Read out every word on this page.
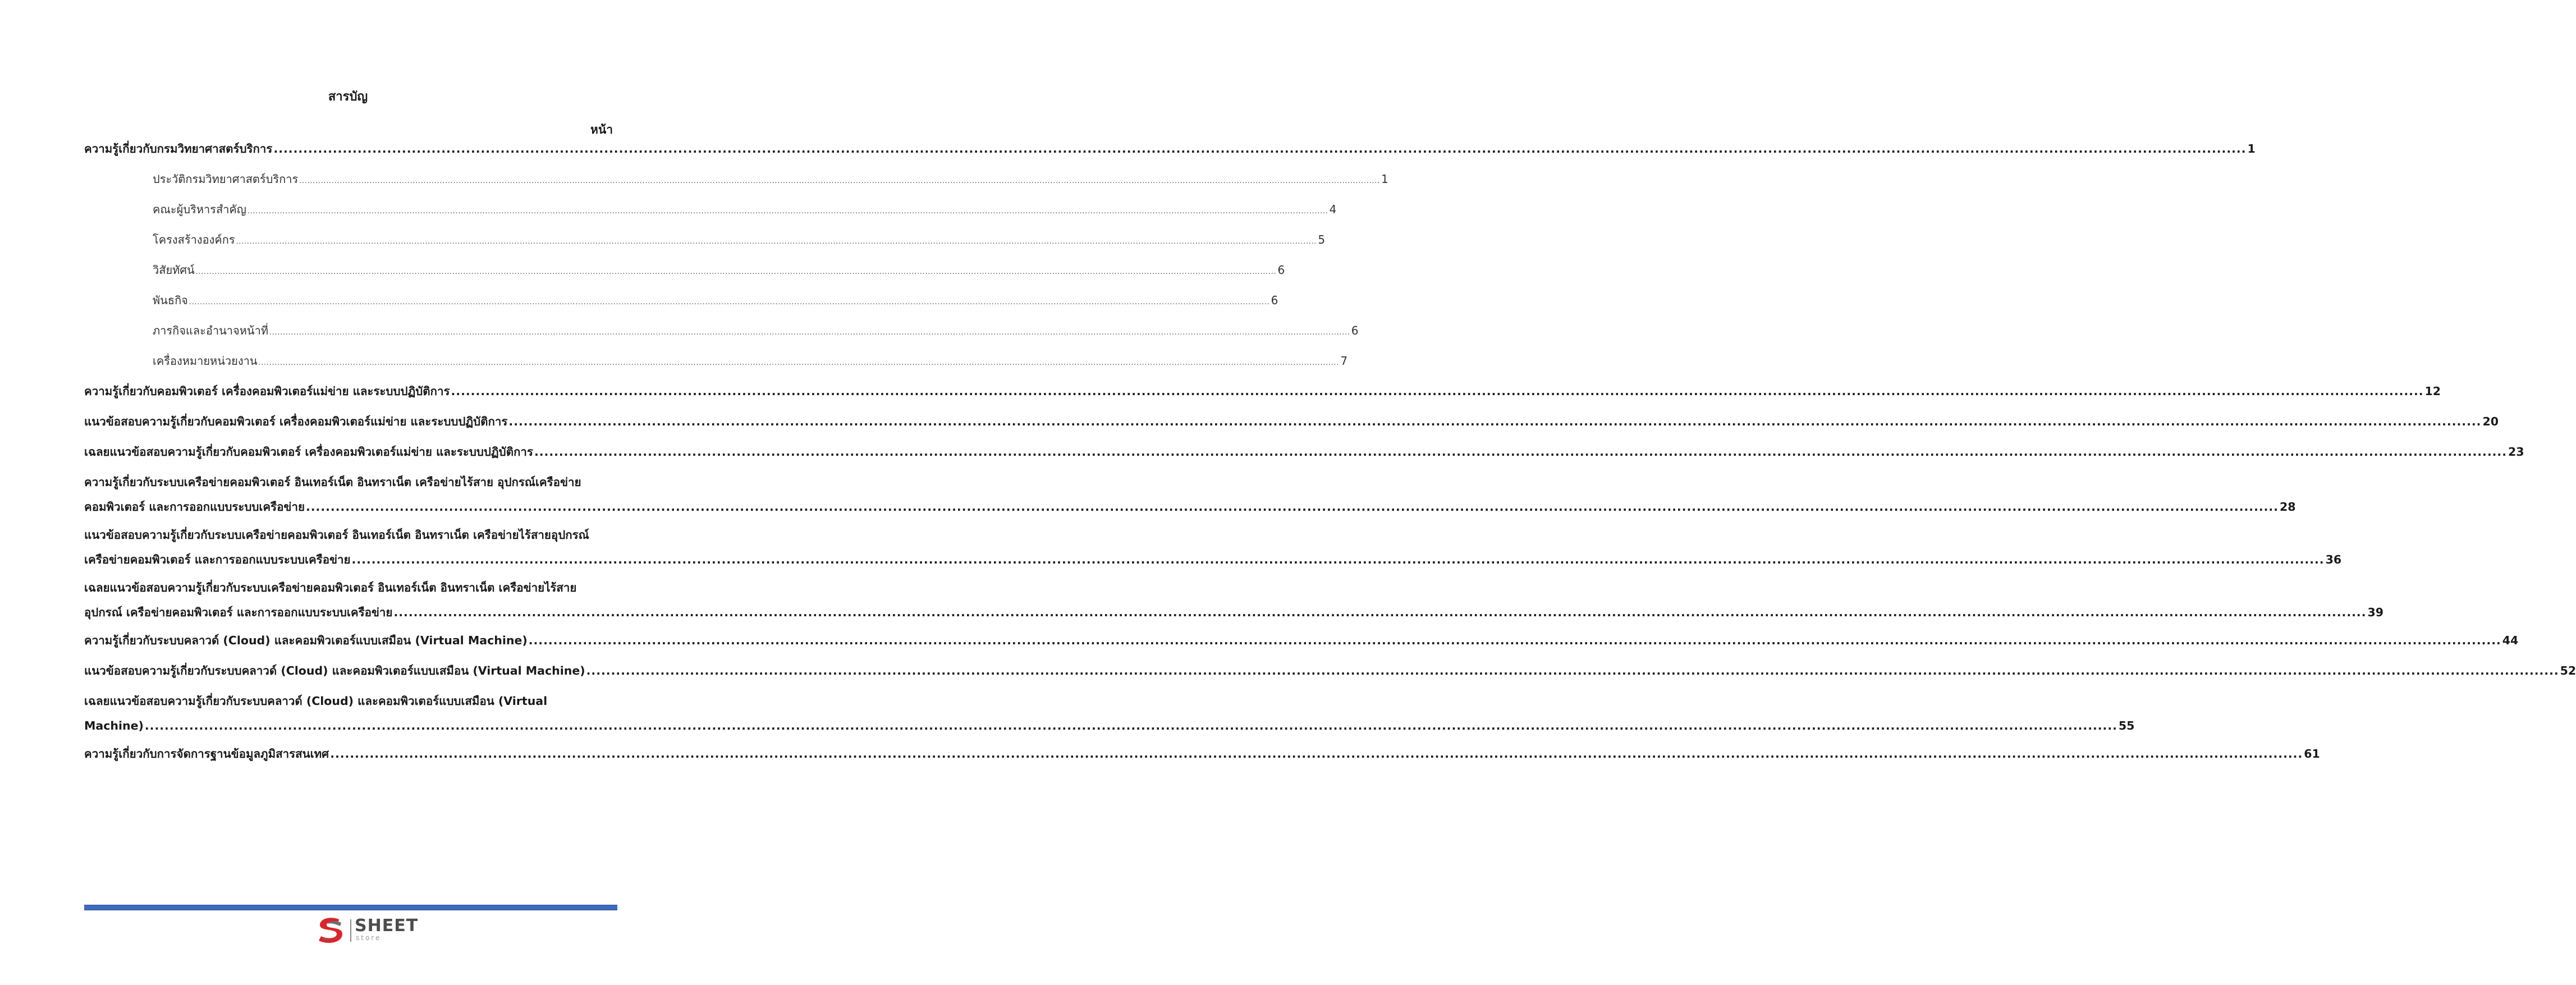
สารบัญ
หน้า
ความรู้เกี่ยวกับกรมวิทยาศาสตร์บริการ ................................................................................................................................................................................................................................................................................................................................................................................................................ 1
ประวัติกรมวิทยาศาสตร์บริการ ................................................................................................................................................................................................................................................................................................................................................................................................................ 1
คณะผู้บริหารสำคัญ ................................................................................................................................................................................................................................................................................................................................................................................................................ 4
โครงสร้างองค์กร ................................................................................................................................................................................................................................................................................................................................................................................................................ 5
วิสัยทัศน์ ................................................................................................................................................................................................................................................................................................................................................................................................................ 6
พันธกิจ ................................................................................................................................................................................................................................................................................................................................................................................................................ 6
ภารกิจและอำนาจหน้าที่ ................................................................................................................................................................................................................................................................................................................................................................................................................ 6
เครื่องหมายหน่วยงาน ................................................................................................................................................................................................................................................................................................................................................................................................................ 7
ความรู้เกี่ยวกับคอมพิวเตอร์ เครื่องคอมพิวเตอร์แม่ข่าย และระบบปฏิบัติการ ................................................................................................................................................................................................................................................................................................................................................................................................................ 12
แนวข้อสอบความรู้เกี่ยวกับคอมพิวเตอร์ เครื่องคอมพิวเตอร์แม่ข่าย และระบบปฏิบัติการ ................................................................................................................................................................................................................................................................................................................................................................................................................ 20
เฉลยแนวข้อสอบความรู้เกี่ยวกับคอมพิวเตอร์ เครื่องคอมพิวเตอร์แม่ข่าย และระบบปฏิบัติการ ................................................................................................................................................................................................................................................................................................................................................................................................................ 23
ความรู้เกี่ยวกับระบบเครือข่ายคอมพิวเตอร์ อินเทอร์เน็ต อินทราเน็ต เครือข่ายไร้สาย อุปกรณ์เครือข่าย
คอมพิวเตอร์ และการออกแบบระบบเครือข่าย ................................................................................................................................................................................................................................................................................................................................................................................................................ 28
แนวข้อสอบความรู้เกี่ยวกับระบบเครือข่ายคอมพิวเตอร์ อินเทอร์เน็ต อินทราเน็ต เครือข่ายไร้สายอุปกรณ์
เครือข่ายคอมพิวเตอร์ และการออกแบบระบบเครือข่าย ................................................................................................................................................................................................................................................................................................................................................................................................................ 36
เฉลยแนวข้อสอบความรู้เกี่ยวกับระบบเครือข่ายคอมพิวเตอร์ อินเทอร์เน็ต อินทราเน็ต เครือข่ายไร้สาย
อุปกรณ์ เครือข่ายคอมพิวเตอร์ และการออกแบบระบบเครือข่าย ................................................................................................................................................................................................................................................................................................................................................................................................................ 39
ความรู้เกี่ยวกับระบบคลาวด์ (Cloud) และคอมพิวเตอร์แบบเสมือน (Virtual Machine) ................................................................................................................................................................................................................................................................................................................................................................................................................ 44
แนวข้อสอบความรู้เกี่ยวกับระบบคลาวด์ (Cloud) และคอมพิวเตอร์แบบเสมือน (Virtual Machine) ................................................................................................................................................................................................................................................................................................................................................................................................................ 52
เฉลยแนวข้อสอบความรู้เกี่ยวกับระบบคลาวด์ (Cloud) และคอมพิวเตอร์แบบเสมือน (Virtual
Machine) ................................................................................................................................................................................................................................................................................................................................................................................................................ 55
ความรู้เกี่ยวกับการจัดการฐานข้อมูลภูมิสารสนเทศ ................................................................................................................................................................................................................................................................................................................................................................................................................ 61
SHEET
store
